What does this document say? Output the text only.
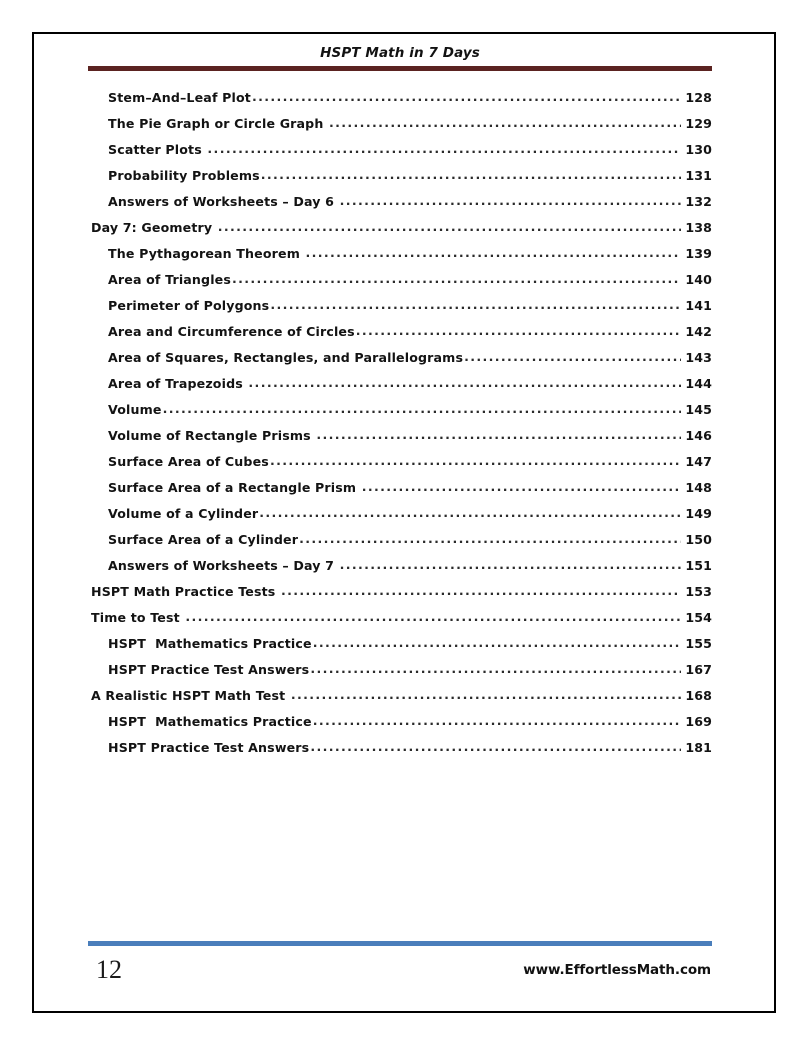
HSPT Math in 7 Days
Stem–And–Leaf Plot .....	128
The Pie Graph or Circle Graph .....	129
Scatter Plots .....	130
Probability Problems .....	131
Answers of Worksheets – Day 6 .....	132
Day 7: Geometry .....	138
The Pythagorean Theorem .....	139
Area of Triangles .....	140
Perimeter of Polygons .....	141
Area and Circumference of Circles .....	142
Area of Squares, Rectangles, and Parallelograms .....	143
Area of Trapezoids .....	144
Volume .....	145
Volume of Rectangle Prisms .....	146
Surface Area of Cubes .....	147
Surface Area of a Rectangle Prism .....	148
Volume of a Cylinder .....	149
Surface Area of a Cylinder .....	150
Answers of Worksheets – Day 7 .....	151
HSPT Math Practice Tests .....	153
Time to Test .....	154
HSPT  Mathematics Practice .....	155
HSPT Practice Test Answers .....	167
A Realistic HSPT Math Test .....	168
HSPT  Mathematics Practice .....	169
HSPT Practice Test Answers .....	181
12	www.EffortlessMath.com
